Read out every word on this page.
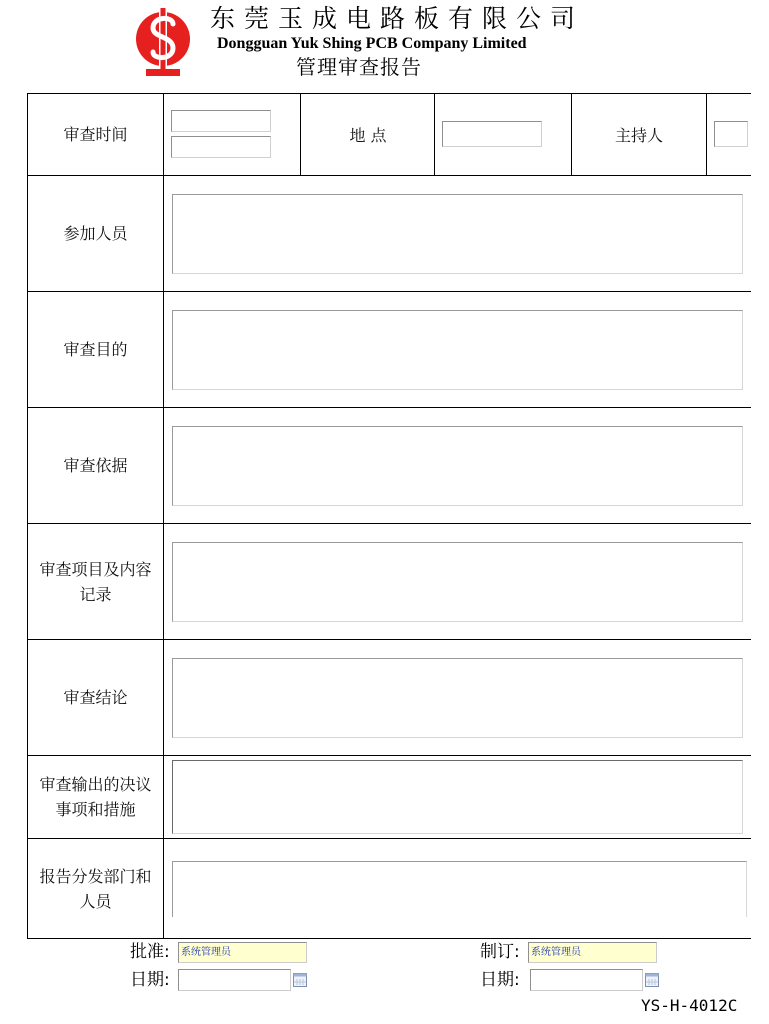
东莞玉成电路板有限公司
Dongguan Yuk Shing PCB Company Limited
管理审查报告
审查时间	地 点	主持人
参加人员
审查目的
审查依据
审查项目及内容记录
审查结论
审查输出的决议事项和措施
报告分发部门和人员
批准:	系统管理员
日期:
制订:	系统管理员
日期:
YS-H-4012C
